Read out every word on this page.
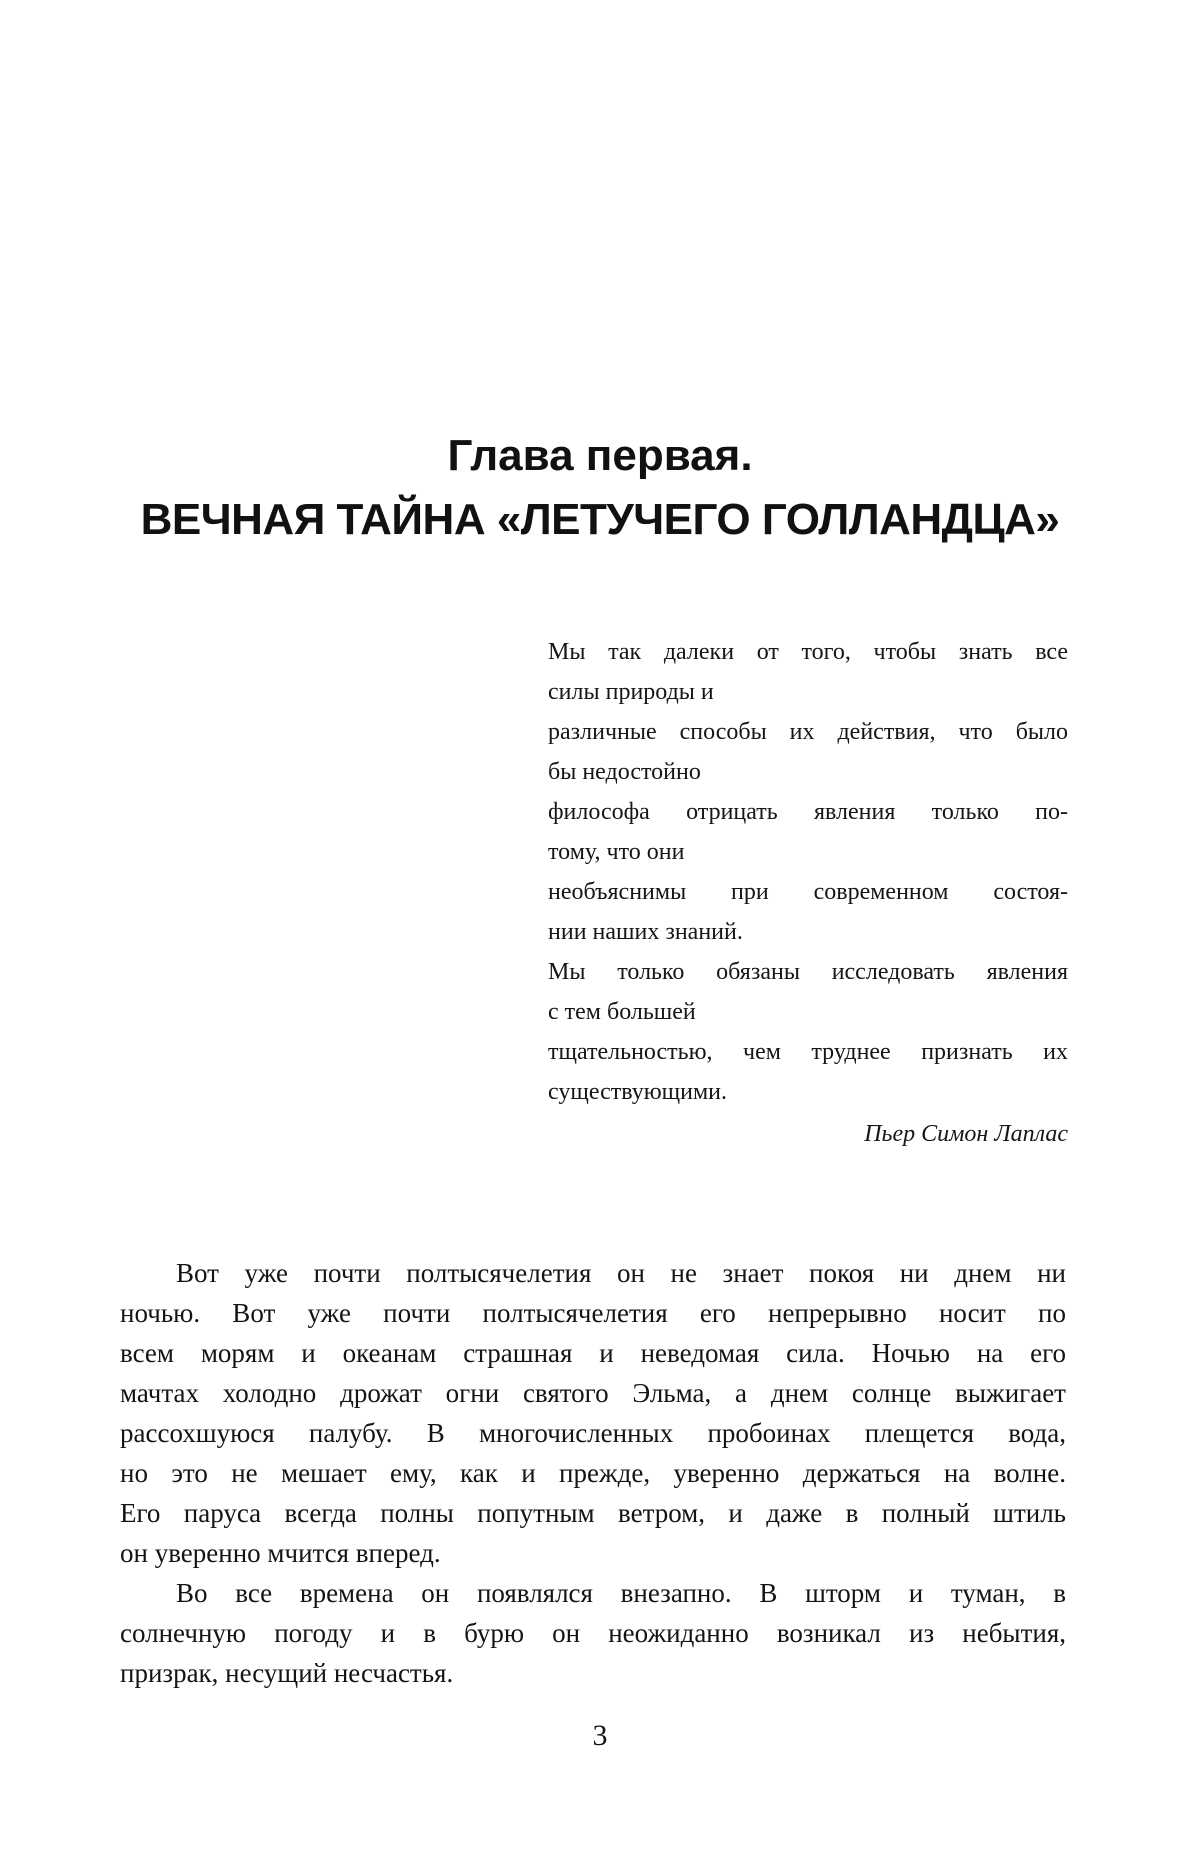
Глава первая.
ВЕЧНАЯ ТАЙНА «ЛЕТУЧЕГО ГОЛЛАНДЦА»
Мы так далеки от того, чтобы знать все
силы природы и
различные способы их действия, что было
бы недостойно
философа отрицать явления только по-
тому, что они
необъяснимы при современном состоя-
нии наших знаний.
Мы только обязаны исследовать явления
с тем большей
тщательностью, чем труднее признать их
существующими.
Пьер Симон Лаплас
Вот уже почти полтысячелетия он не знает покоя ни днем ни
ночью. Вот уже почти полтысячелетия его непрерывно носит по
всем морям и океанам страшная и неведомая сила. Ночью на его
мачтах холодно дрожат огни святого Эльма, а днем солнце выжигает
рассохшуюся палубу. В многочисленных пробоинах плещется вода,
но это не мешает ему, как и прежде, уверенно держаться на волне.
Его паруса всегда полны попутным ветром, и даже в полный штиль
он уверенно мчится вперед.
Во все времена он появлялся внезапно. В шторм и туман, в
солнечную погоду и в бурю он неожиданно возникал из небытия,
призрак, несущий несчастья.
3
